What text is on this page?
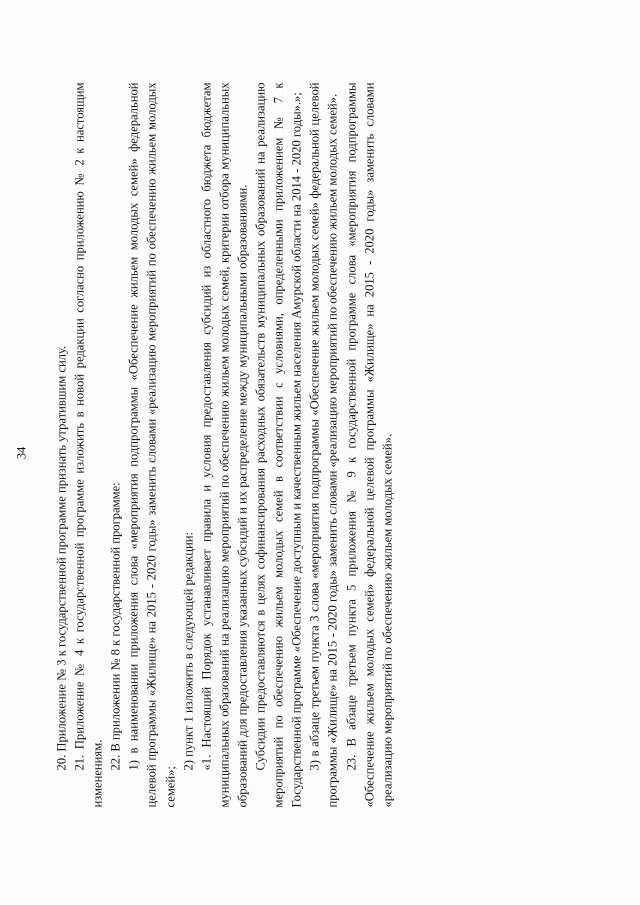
34 20. Приложение № 3 к государственной программе признать утратившим силу. 21. Приложение № 4 к государственной программе изложить в новой редакции согласно приложению № 2 к настоящим изменениям.

22. В приложении № 8 к государственной программе: 1) в наименовании приложения слова «мероприятия подпрограммы «Обеспечение жильем молодых семей» федеральной целевой программы «Жилище» на 2015 - 2020 годы» заменить словами «реализацию мероприятий по обеспечению жильем молодых семей»;

2) пункт 1 изложить в следующей редакции: «1. Настоящий Порядок устанавливает правила и условия предоставления субсидий из областного бюджета бюджетам муниципальных образований на реализацию мероприятий по обеспечению жильем молодых семей, критерии отбора муниципальных образований для предоставления указанных субсидий и их распределение между муниципальными образованиями. Субсидии предоставляются в целях софинансирования расходных обязательств муниципальных образований на реализацию мероприятий по обеспечению жильем молодых семей в соответствии с условиями, определенными приложением № 7 к Государственной программе «Обеспечение доступным и качественным жильем населения Амурской области на 2014 - 2020 годы».»; 3) в абзаце третьем пункта 3 слова «мероприятия подпрограммы «Обеспечение жильем молодых семей» федеральной целевой программы «Жилище» на 2015 - 2020 годы» заменить словами «реализацию мероприятий по обеспечению жильем молодых семей». 23. В абзаце третьем пункта 5 приложения № 9 к государственной программе слова «мероприятия подпрограммы «Обеспечение жильем молодых семей» федеральной целевой программы «Жилище» на 2015 - 2020 годы» заменить словами «реализацию мероприятий по обеспечению жильем молодых семей».
